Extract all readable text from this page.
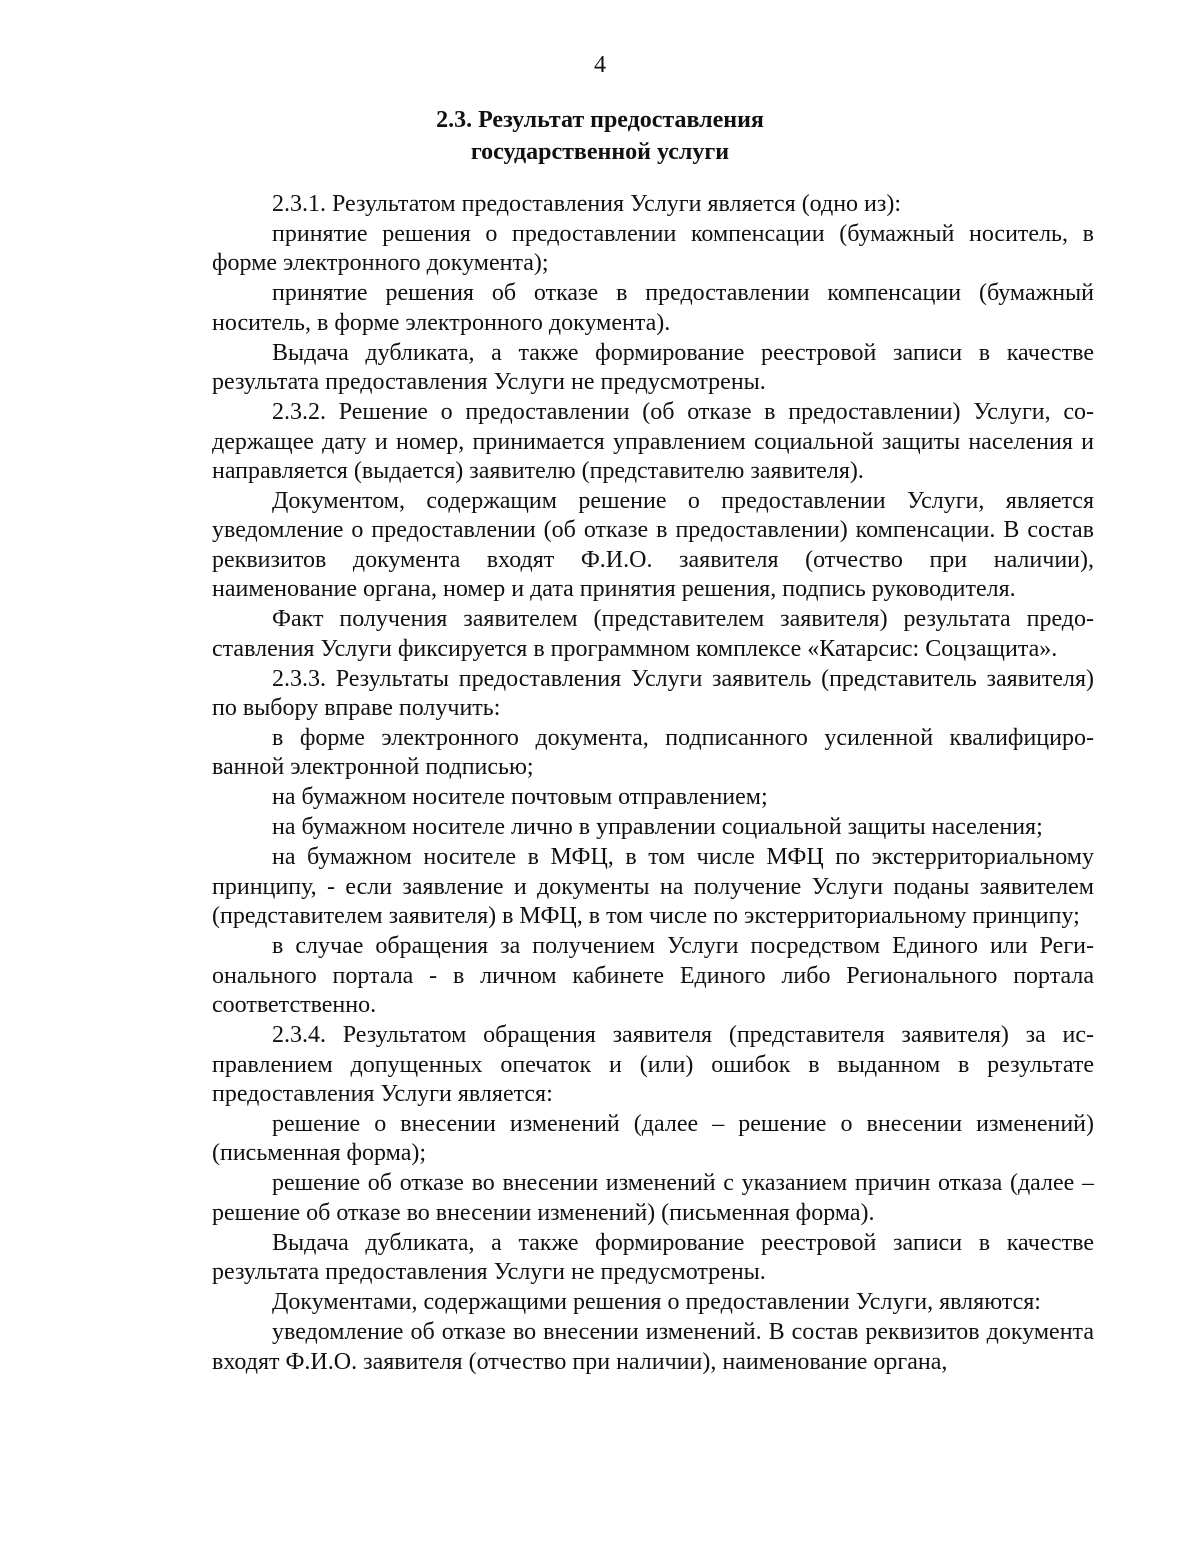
4
2.3. Результат предоставления
государственной услуги

2.3.1. Результатом предоставления Услуги является (одно из):

принятие решения о предоставлении компенсации (бумажный носитель, в форме электронного документа);

принятие решения об отказе в предоставлении компенсации (бумажный носитель, в форме электронного документа).

Выдача дубликата, а также формирование реестровой записи в качестве результата предоставления Услуги не предусмотрены.

2.3.2. Решение о предоставлении (об отказе в предоставлении) Услуги, содержащее дату и номер, принимается управлением социальной защиты населения и направляется (выдается) заявителю (представителю заявителя).

Документом, содержащим решение о предоставлении Услуги, является уведомление о предоставлении (об отказе в предоставлении) компенсации. В состав реквизитов документа входят Ф.И.О. заявителя (отчество при наличии), наименование органа, номер и дата принятия решения, подпись руководителя.

Факт получения заявителем (представителем заявителя) результата предоставления Услуги фиксируется в программном комплексе «Катарсис: Соцзащита».

2.3.3. Результаты предоставления Услуги заявитель (представитель заявителя) по выбору вправе получить:

в форме электронного документа, подписанного усиленной квалифицированной электронной подписью;

на бумажном носителе почтовым отправлением;

на бумажном носителе лично в управлении социальной защиты населения;

на бумажном носителе в МФЦ, в том числе МФЦ по экстерриториальному принципу, - если заявление и документы на получение Услуги поданы заявителем (представителем заявителя) в МФЦ, в том числе по экстерриториальному принципу;

в случае обращения за получением Услуги посредством Единого или Регионального портала - в личном кабинете Единого либо Регионального портала соответственно.

2.3.4. Результатом обращения заявителя (представителя заявителя) за исправлением допущенных опечаток и (или) ошибок в выданном в результате предоставления Услуги является:

решение о внесении изменений (далее – решение о внесении изменений) (письменная форма);

решение об отказе во внесении изменений с указанием причин отказа (далее – решение об отказе во внесении изменений) (письменная форма).

Выдача дубликата, а также формирование реестровой записи в качестве результата предоставления Услуги не предусмотрены.

Документами, содержащими решения о предоставлении Услуги, являются:

уведомление об отказе во внесении изменений. В состав реквизитов документа входят Ф.И.О. заявителя (отчество при наличии), наименование органа,
